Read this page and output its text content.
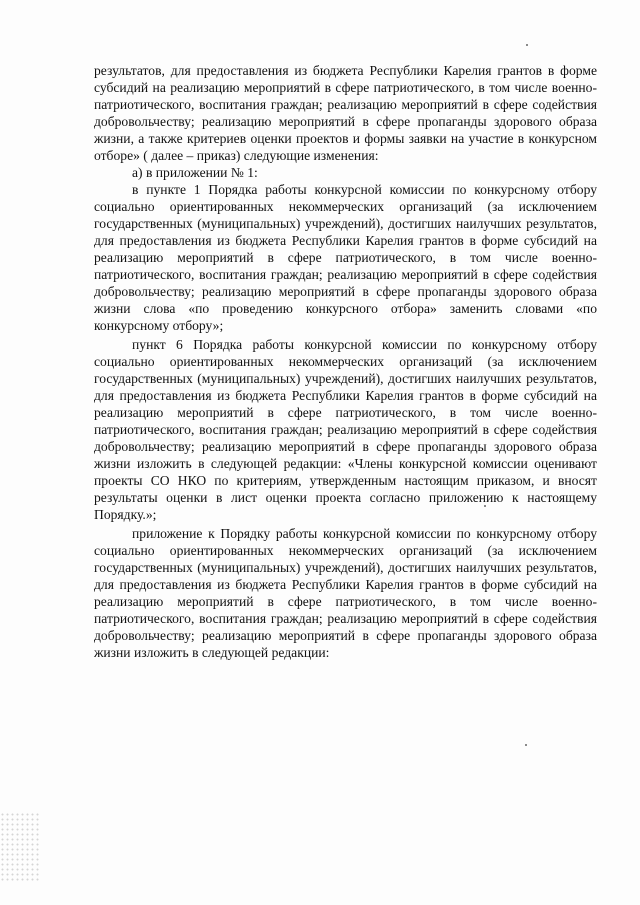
результатов, для предоставления из бюджета Республики Карелия грантов в форме субсидий на реализацию мероприятий в сфере патриотического, в том числе военно-патриотического, воспитания граждан; реализацию мероприятий в сфере содействия добровольчеству; реализацию мероприятий в сфере пропаганды здорового образа жизни, а также критериев оценки проектов и формы заявки на участие в конкурсном отборе» ( далее – приказ) следующие изменения:

а) в приложении № 1:

в пункте 1 Порядка работы конкурсной комиссии по конкурсному отбору социально ориентированных некоммерческих организаций (за исключением государственных (муниципальных) учреждений), достигших наилучших результатов, для предоставления из бюджета Республики Карелия грантов в форме субсидий на реализацию мероприятий в сфере патриотического, в том числе военно-патриотического, воспитания граждан; реализацию мероприятий в сфере содействия добровольчеству; реализацию мероприятий в сфере пропаганды здорового образа жизни слова «по проведению конкурсного отбора» заменить словами «по конкурсному отбору»;

пункт 6 Порядка работы конкурсной комиссии по конкурсному отбору социально ориентированных некоммерческих организаций (за исключением государственных (муниципальных) учреждений), достигших наилучших результатов, для предоставления из бюджета Республики Карелия грантов в форме субсидий на реализацию мероприятий в сфере патриотического, в том числе военно-патриотического, воспитания граждан; реализацию мероприятий в сфере содействия добровольчеству; реализацию мероприятий в сфере пропаганды здорового образа жизни изложить в следующей редакции: «Члены конкурсной комиссии оценивают проекты СО НКО по критериям, утвержденным настоящим приказом, и вносят результаты оценки в лист оценки проекта согласно приложению к настоящему Порядку.»;

приложение к Порядку работы конкурсной комиссии по конкурсному отбору социально ориентированных некоммерческих организаций (за исключением государственных (муниципальных) учреждений), достигших наилучших результатов, для предоставления из бюджета Республики Карелия грантов в форме субсидий на реализацию мероприятий в сфере патриотического, в том числе военно-патриотического, воспитания граждан; реализацию мероприятий в сфере содействия добровольчеству; реализацию мероприятий в сфере пропаганды здорового образа жизни изложить в следующей редакции:
